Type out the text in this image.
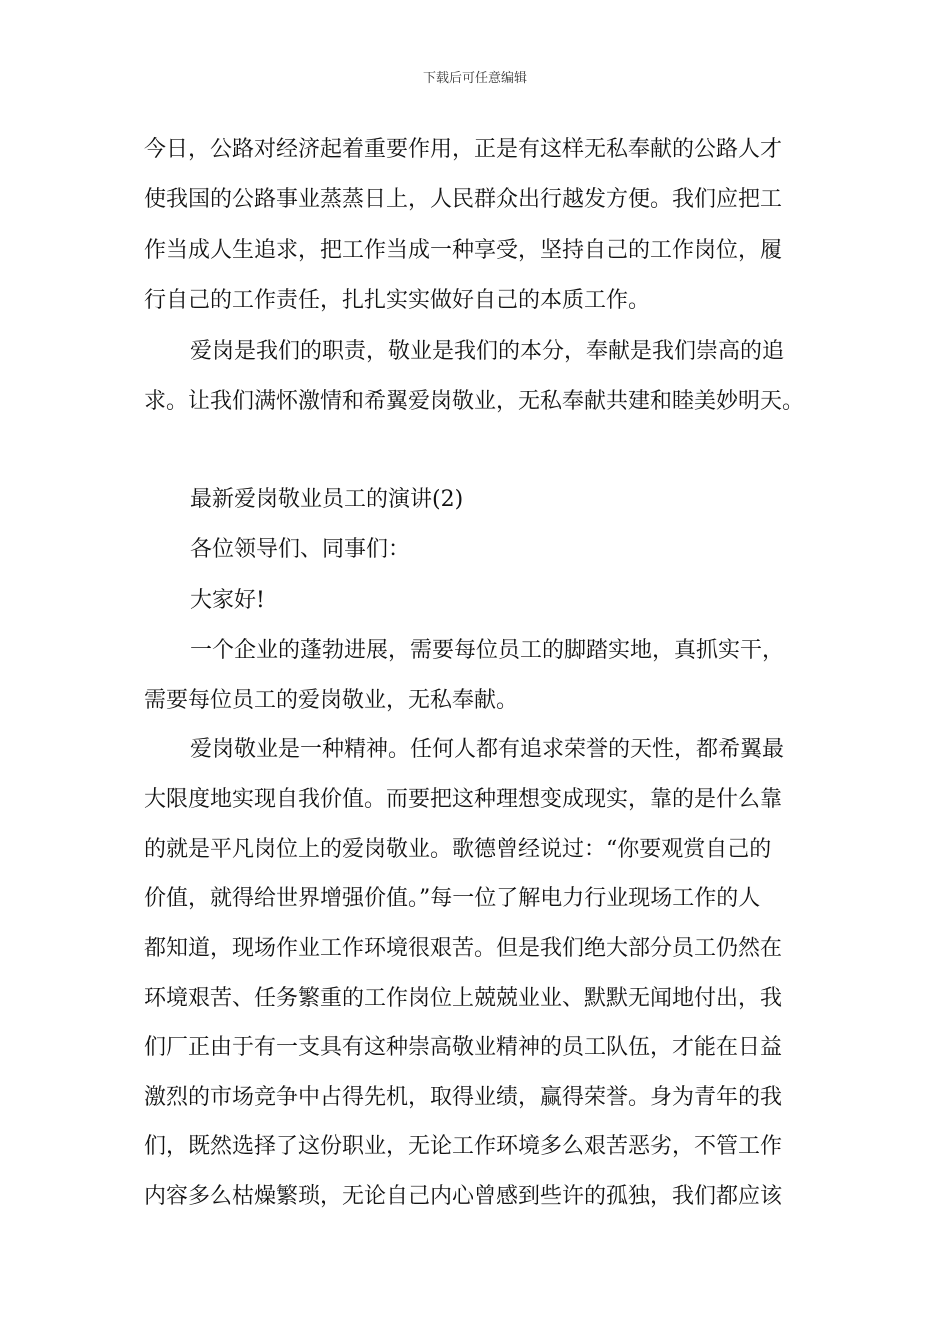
下载后可任意编辑
今日，公路对经济起着重要作用，正是有这样无私奉献的公路人才
使我国的公路事业蒸蒸日上，人民群众出行越发方便。我们应把工
作当成人生追求，把工作当成一种享受，坚持自己的工作岗位，履
行自己的工作责任，扎扎实实做好自己的本质工作。
爱岗是我们的职责，敬业是我们的本分，奉献是我们崇高的追
求。让我们满怀激情和希翼爱岗敬业，无私奉献共建和睦美妙明天。
最新爱岗敬业员工的演讲(2)
各位领导们、同事们：
大家好!
一个企业的蓬勃进展，需要每位员工的脚踏实地，真抓实干，
需要每位员工的爱岗敬业，无私奉献。
爱岗敬业是一种精神。任何人都有追求荣誉的天性，都希翼最
大限度地实现自我价值。而要把这种理想变成现实，靠的是什么靠
的就是平凡岗位上的爱岗敬业。歌德曾经说过：“你要观赏自己的
价值，就得给世界增强价值。”每一位了解电力行业现场工作的人
都知道，现场作业工作环境很艰苦。但是我们绝大部分员工仍然在
环境艰苦、任务繁重的工作岗位上兢兢业业、默默无闻地付出，我
们厂正由于有一支具有这种崇高敬业精神的员工队伍，才能在日益
激烈的市场竞争中占得先机，取得业绩，赢得荣誉。身为青年的我
们，既然选择了这份职业，无论工作环境多么艰苦恶劣，不管工作
内容多么枯燥繁琐，无论自己内心曾感到些许的孤独，我们都应该
